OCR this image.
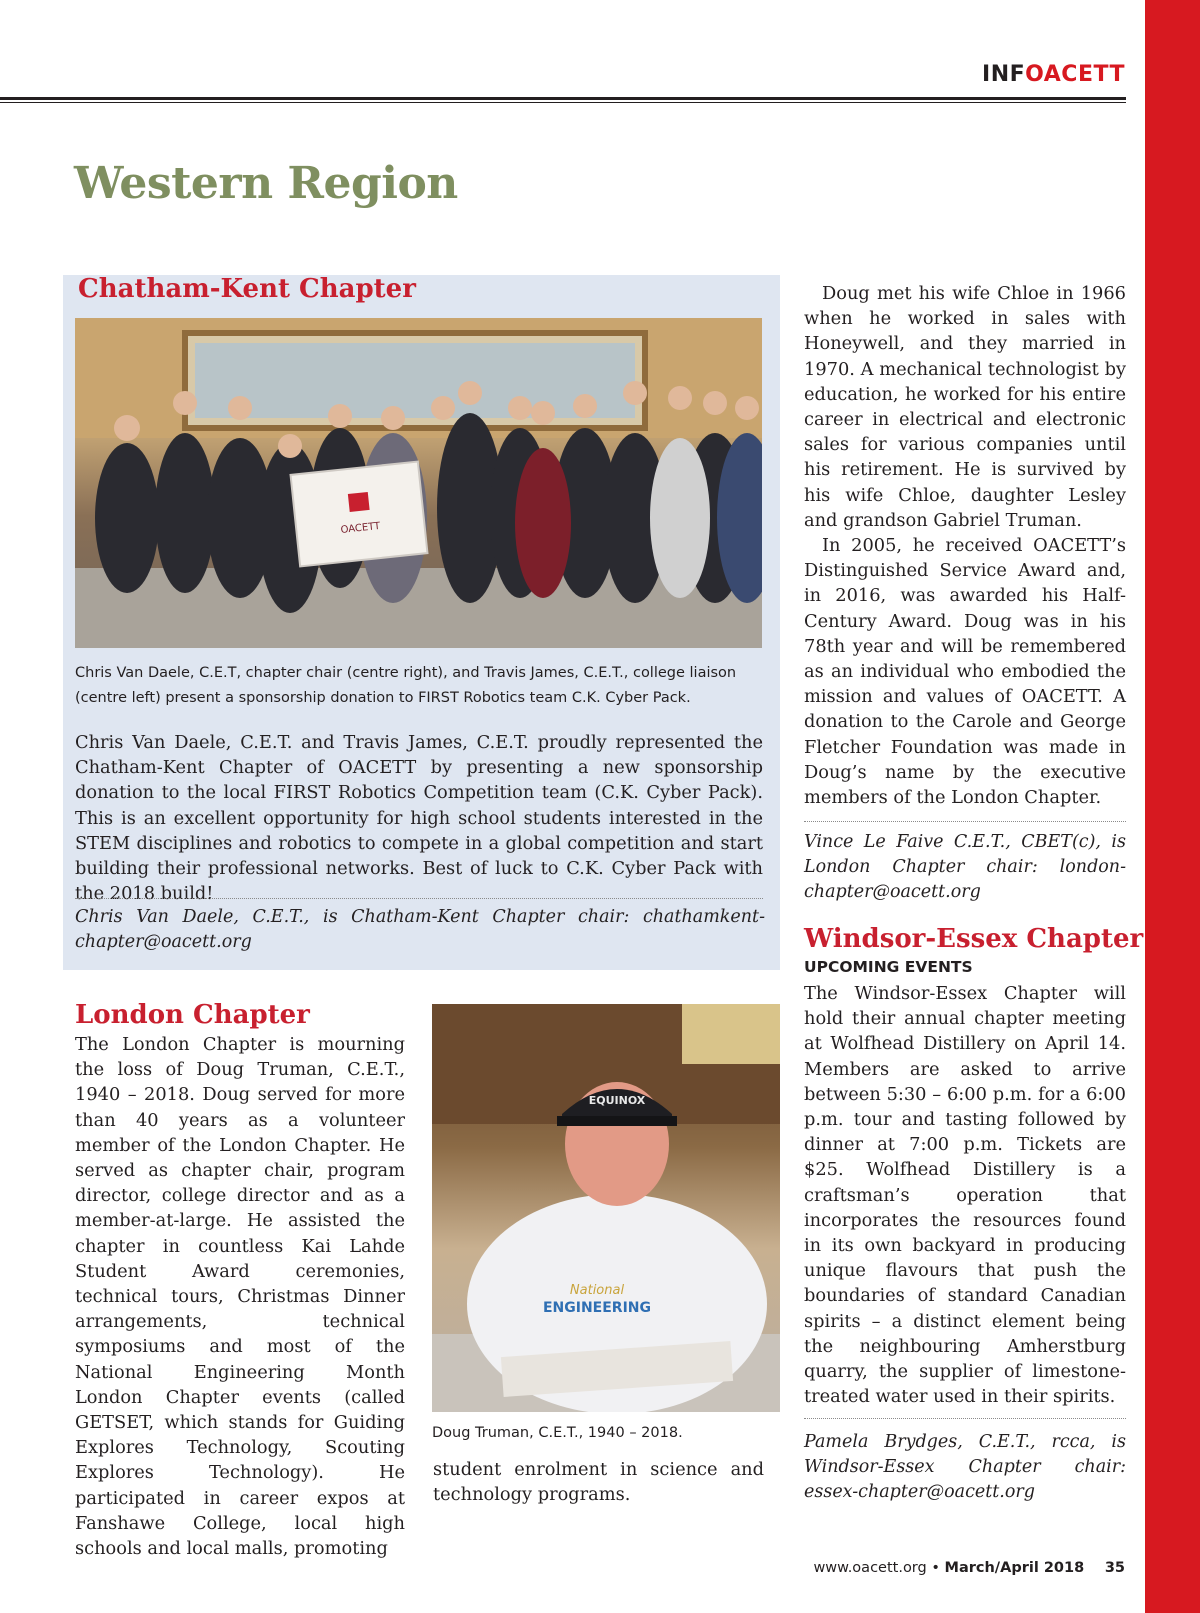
INFOACETT
Western Region
Chatham-Kent Chapter
OACETT
Chris Van Daele, C.E.T, chapter chair (centre right), and Travis James, C.E.T., college liaison (centre left) present a sponsorship donation to FIRST Robotics team C.K. Cyber Pack.

Chris Van Daele, C.E.T. and Travis James, C.E.T. proudly represented the Chatham-Kent Chapter of OACETT by presenting a new sponsorship donation to the local FIRST Robotics Competition team (C.K. Cyber Pack). This is an excellent opportunity for high school students interested in the STEM disciplines and robotics to compete in a global competition and start building their professional networks. Best of luck to C.K. Cyber Pack with the 2018 build!

Chris Van Daele, C.E.T., is Chatham-Kent Chapter chair: chathamkent-chapter@oacett.org

London Chapter

The London Chapter is mourning the loss of Doug Truman, C.E.T., 1940 – 2018. Doug served for more than 40 years as a volunteer member of the London Chapter. He served as chapter chair, program director, college director and as a member-at-large. He assisted the chapter in countless Kai Lahde Student Award ceremonies, technical tours, Christmas Dinner arrangements, technical symposiums and most of the National Engineering Month London Chapter events (called GETSET, which stands for Guiding Explores Technology, Scouting Explores Technology). He participated in career expos at Fanshawe College, local high schools and local malls, promoting

EQUINOX
National
ENGINEERING
Doug Truman, C.E.T., 1940 – 2018.

student enrolment in science and technology programs.

Doug met his wife Chloe in 1966 when he worked in sales with Honeywell, and they married in 1970. A mechanical technologist by education, he worked for his entire career in electrical and electronic sales for various companies until his retirement. He is survived by his wife Chloe, daughter Lesley and grandson Gabriel Truman.

In 2005, he received OACETT’s Distinguished Service Award and, in 2016, was awarded his Half-Century Award. Doug was in his 78th year and will be remembered as an individual who embodied the mission and values of OACETT. A donation to the Carole and George Fletcher Foundation was made in Doug’s name by the executive members of the London Chapter.

Vince Le Faive C.E.T., CBET(c), is London Chapter chair: london-chapter@oacett.org

Windsor-Essex Chapter

UPCOMING EVENTS

The Windsor-Essex Chapter will hold their annual chapter meeting at Wolfhead Distillery on April 14. Members are asked to arrive between 5:30 – 6:00 p.m. for a 6:00 p.m. tour and tasting followed by dinner at 7:00 p.m. Tickets are $25. Wolfhead Distillery is a craftsman’s operation that incorporates the resources found in its own backyard in producing unique flavours that push the boundaries of standard Canadian spirits – a distinct element being the neighbouring Amherstburg quarry, the supplier of limestone-treated water used in their spirits.

Pamela Brydges, C.E.T., rcca, is Windsor-Essex Chapter chair: essex-chapter@oacett.org

www.oacett.org • March/April 2018 35
